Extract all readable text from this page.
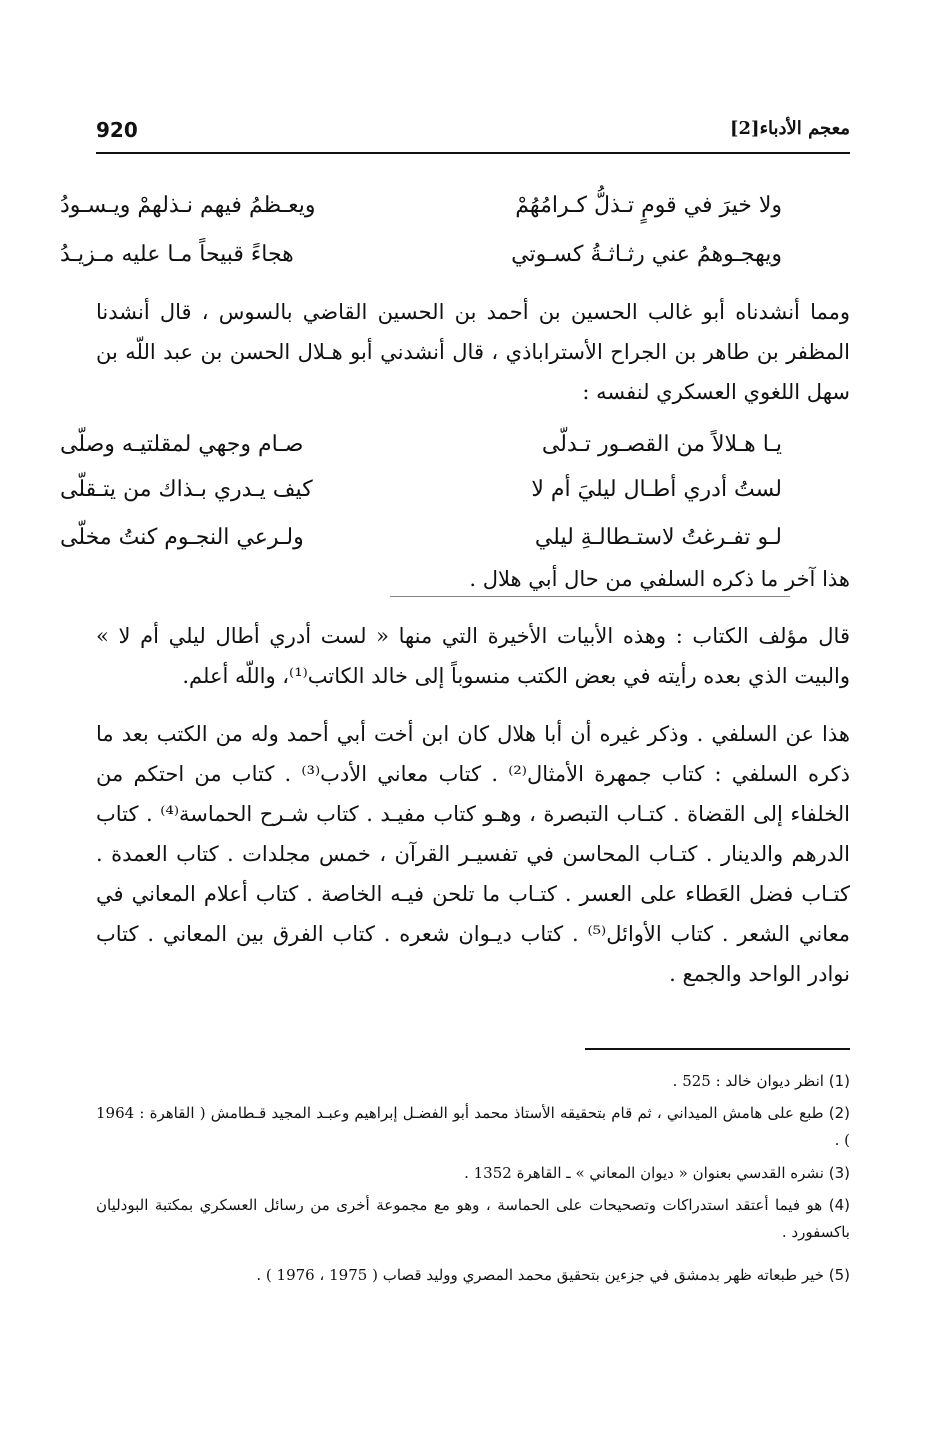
معجم الأدباء[2]
920
ولا خيرَ في قومٍ تـذلُّ كـرامُهُمْ
ويعـظمُ فيهم نـذلهمْ ويـسـودُ
ويهجـوهمُ عني رثـاثـةُ كسـوتي
هجاءً قبيحاً مـا عليه مـزيـدُ

ومما أنشدناه أبو غالب الحسين بن أحمد بن الحسين القاضي بالسوس ، قال أنشدنا المظفر بن طاهر بن الجراح الأستراباذي ، قال أنشدني أبو هـلال الحسن بن عبد اللّه بن سهل اللغوي العسكري لنفسه :

يـا هـلالاً من القصـور تـدلّى
صـام وجهي لمقلتيـه وصلّى
لستُ أدري أطـال ليليَ أم لا
كيف يـدري بـذاك من يتـقلّى
لـو تفـرغتُ لاستـطالـةِ ليلي
ولـرعي النجـوم كنتُ مخلّى
هذا آخر ما ذكره السلفي من حال أبي هلال .

قال مؤلف الكتاب : وهذه الأبيات الأخيرة التي منها « لست أدري أطال ليلي أم لا » والبيت الذي بعده رأيته في بعض الكتب منسوباً إلى خالد الكاتب⁽¹⁾، واللّه أعلم.

هذا عن السلفي . وذكر غيره أن أبا هلال كان ابن أخت أبي أحمد وله من الكتب بعد ما ذكره السلفي : كتاب جمهرة الأمثال⁽²⁾ . كتاب معاني الأدب⁽³⁾ . كتاب من احتكم من الخلفاء إلى القضاة . كتـاب التبصرة ، وهـو كتاب مفيـد . كتاب شـرح الحماسة⁽⁴⁾ . كتاب الدرهم والدينار . كتـاب المحاسن في تفسيـر القرآن ، خمس مجلدات . كتاب العمدة . كتـاب فضل العَطاء على العسر . كتـاب ما تلحن فيـه الخاصة . كتاب أعلام المعاني في معاني الشعر . كتاب الأوائل⁽⁵⁾ . كتاب ديـوان شعره . كتاب الفرق بين المعاني . كتاب نوادر الواحد والجمع .

(1) انظر ديوان خالد : 525 .
(2) طبع على هامش الميداني ، ثم قام بتحقيقه الأستاذ محمد أبو الفضـل إبراهيم وعبـد المجيد قـطامش ( القاهرة : 1964 ) .
(3) نشره القدسي بعنوان « ديوان المعاني » ـ القاهرة 1352 .
(4) هو فيما أعتقد استدراكات وتصحيحات على الحماسة ، وهو مع مجموعة أخرى من رسائل العسكري بمكتبة البودليان باكسفورد .
(5) خير طبعاته ظهر بدمشق في جزءين بتحقيق محمد المصري ووليد قصاب ( 1975 ، 1976 ) .
